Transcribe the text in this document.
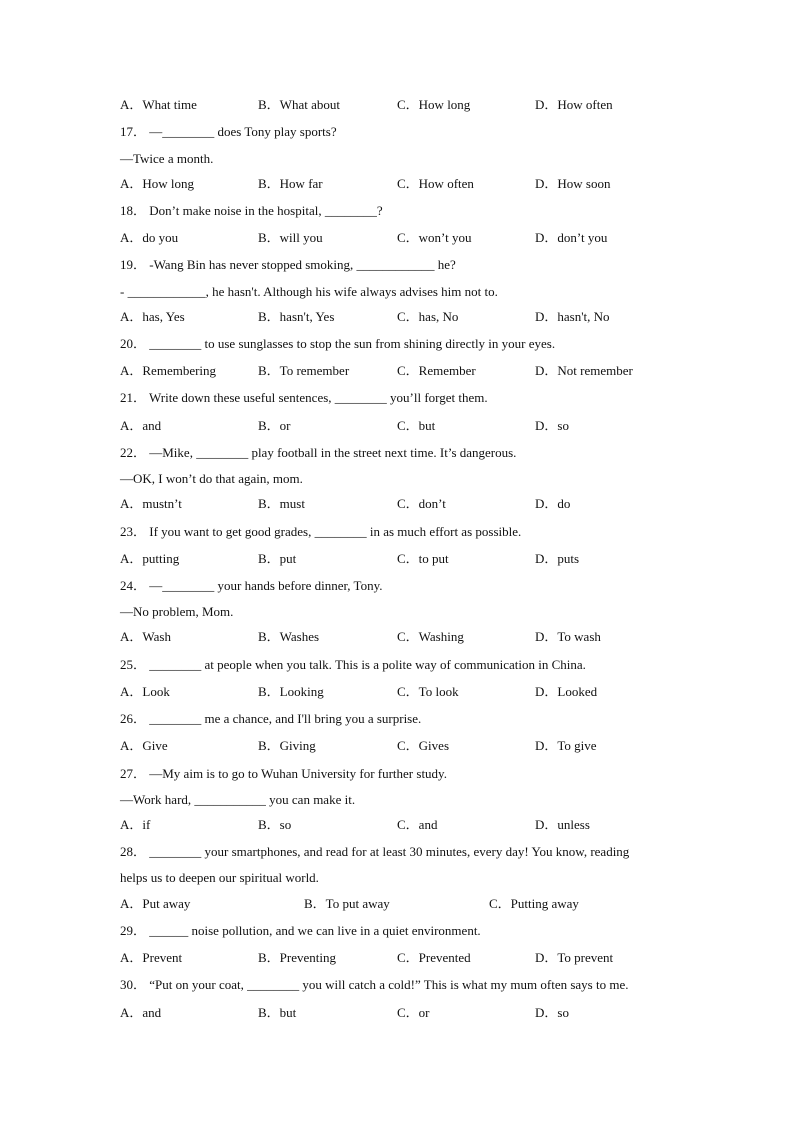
A．What time	B．What about	C．How long	D．How often
17． —________ does Tony play sports?
—Twice a month.
A．How long	B．How far	C．How often	D．How soon
18． Don’t make noise in the hospital, ________?
A．do you	B．will you	C．won’t you	D．don’t you
19． -Wang Bin has never stopped smoking, ____________ he?
- ____________, he hasn't. Although his wife always advises him not to.
A．has, Yes	B．hasn't, Yes	C．has, No	D．hasn't, No
20． ________ to use sunglasses to stop the sun from shining directly in your eyes.
A．Remembering	B．To remember	C．Remember	D．Not remember
21． Write down these useful sentences, ________ you’ll forget them.
A．and	B．or	C．but	D．so
22． —Mike, ________ play football in the street next time. It’s dangerous.
—OK, I won’t do that again, mom.
A．mustn’t	B．must	C．don’t	D．do
23． If you want to get good grades, ________ in as much effort as possible.
A．putting	B．put	C．to put	D．puts
24． —________ your hands before dinner, Tony.
—No problem, Mom.
A．Wash	B．Washes	C．Washing	D．To wash
25． ________ at people when you talk. This is a polite way of communication in China.
A．Look	B．Looking	C．To look	D．Looked
26． ________ me a chance, and I'll bring you a surprise.
A．Give	B．Giving	C．Gives	D．To give
27． —My aim is to go to Wuhan University for further study.
—Work hard, ___________ you can make it.
A．if	B．so	C．and	D．unless
28． ________ your smartphones, and read for at least 30 minutes, every day! You know, reading
helps us to deepen our spiritual world.
A．Put away	B．To put away	C．Putting away
29． ______ noise pollution, and we can live in a quiet environment.
A．Prevent	B．Preventing	C．Prevented	D．To prevent
30． “Put on your coat, ________ you will catch a cold!” This is what my mum often says to me.
A．and	B．but	C．or	D．so
